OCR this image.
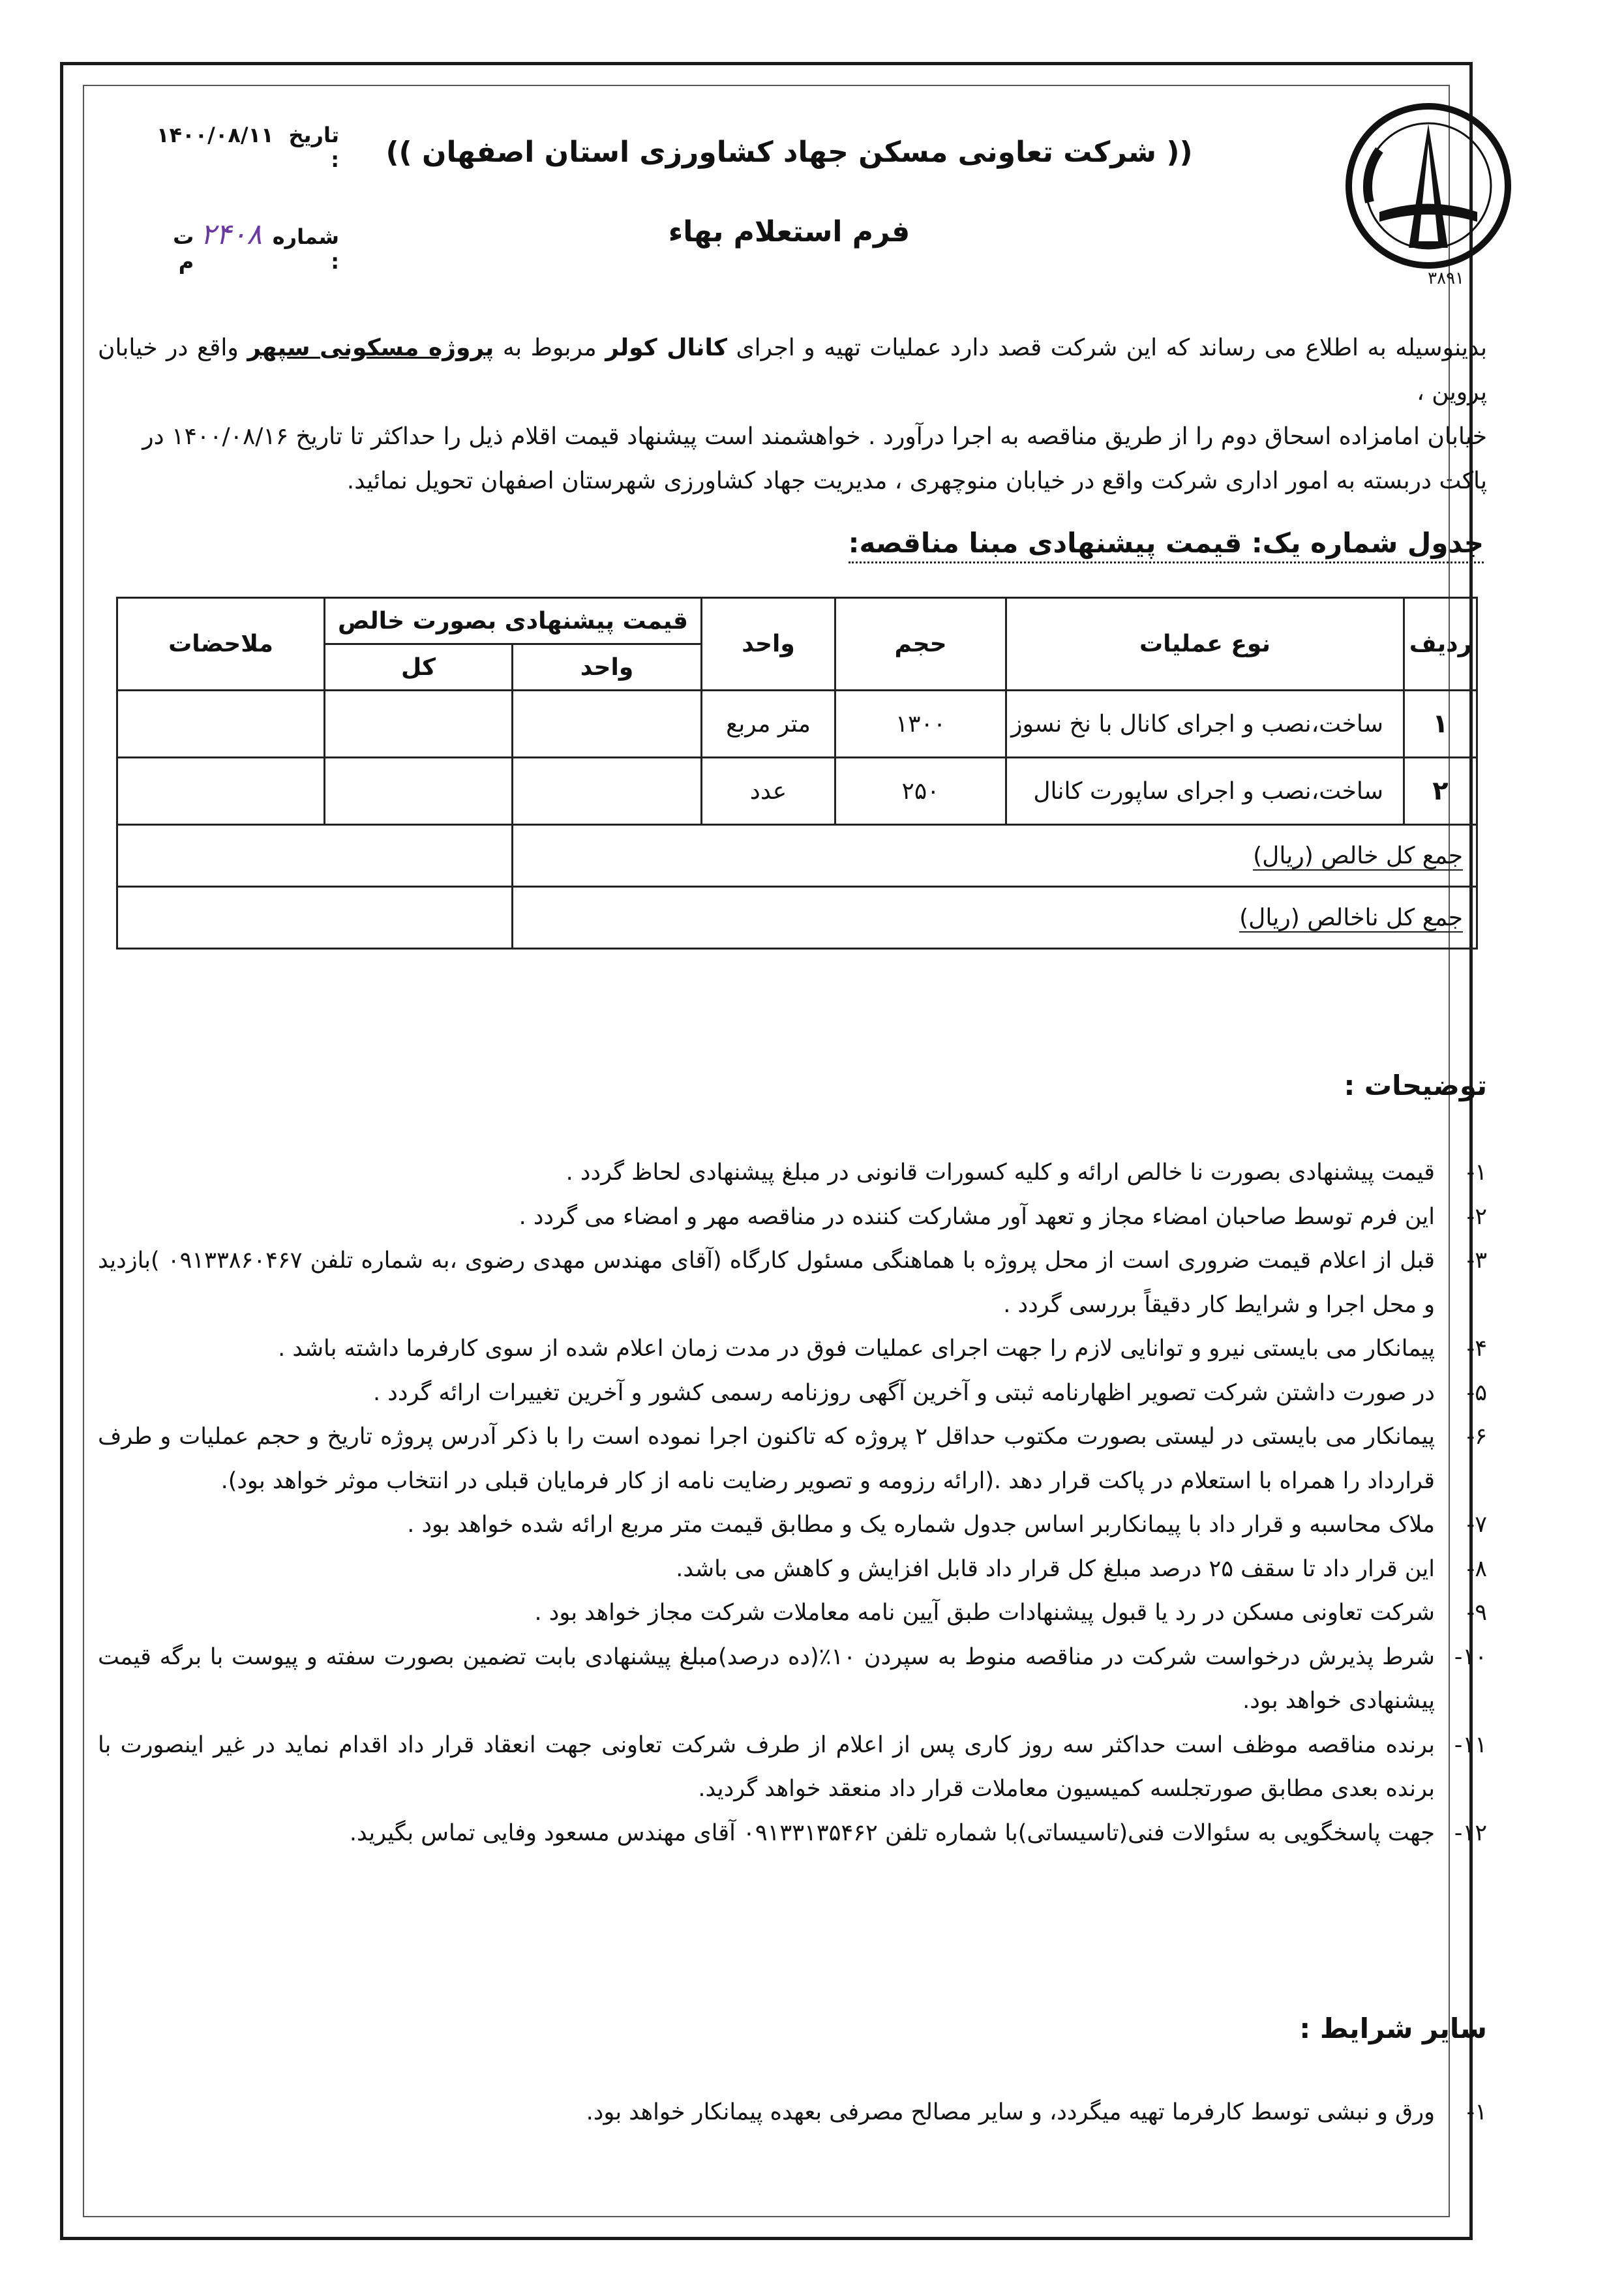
۳۸۹۱
(( شرکت تعاونی مسکن جهاد کشاورزی استان اصفهان ))
فرم استعلام بهاء
تاریخ :
۱۴۰۰/۰۸/۱۱
شماره :
۲۴۰۸
ت م
بدینوسیله به اطلاع می رساند که این شرکت قصد دارد عملیات تهیه و اجرای کانال کولر مربوط به پروژه مسکونی سپهر واقع در خیابان پروین ،
خیابان امامزاده اسحاق دوم را از طریق مناقصه به اجرا درآورد . خواهشمند است پیشنهاد قیمت اقلام ذیل را حداکثر تا تاریخ ۱۴۰۰/۰۸/۱۶ در
پاکت دربسته به امور اداری شرکت واقع در خیابان منوچهری ، مدیریت جهاد کشاورزی شهرستان اصفهان تحویل نمائید.
جدول شماره یک: قیمت پیشنهادی مبنا مناقصه:
ردیف	نوع عملیات	حجم	واحد	قیمت پیشنهادی بصورت خالص		ملاحضات
				واحد	کل	
۱	ساخت،نصب و اجرای کانال با نخ نسوز	۱۳۰۰	متر مربع			
۲	ساخت،نصب و اجرای ساپورت کانال	۲۵۰	عدد			
جمع کل خالص (ریال)						
جمع کل ناخالص (ریال)						
توضیحات :
۱-
قیمت پیشنهادی بصورت نا خالص ارائه و کلیه کسورات قانونی در مبلغ پیشنهادی لحاظ گردد .
۲-
این فرم توسط صاحبان امضاء مجاز و تعهد آور مشارکت کننده در مناقصه مهر و امضاء می گردد .
۳-
قبل از اعلام قیمت ضروری است از محل پروژه با هماهنگی مسئول کارگاه (آقای مهندس مهدی رضوی ،به شماره تلفن ۰۹۱۳۳۸۶۰۴۶۷ )بازدید و محل اجرا و شرایط کار دقیقاً بررسی گردد .
۴-
پیمانکار می بایستی نیرو و توانایی لازم را جهت اجرای عملیات فوق در مدت زمان اعلام شده از سوی کارفرما داشته باشد .
۵-
در صورت داشتن شرکت تصویر اظهارنامه ثبتی و آخرین آگهی روزنامه رسمی کشور و آخرین تغییرات ارائه گردد .
۶-
پیمانکار می بایستی در لیستی بصورت مکتوب حداقل ۲ پروژه که تاکنون اجرا نموده است را با ذکر آدرس پروژه تاریخ و حجم عملیات و طرف قرارداد را همراه با استعلام در پاکت قرار دهد .(ارائه رزومه و تصویر رضایت نامه از کار فرمایان قبلی در انتخاب موثر خواهد بود).
۷-
ملاک محاسبه و قرار داد با پیمانکاربر اساس جدول شماره یک و مطابق قیمت متر مربع ارائه شده خواهد بود .
۸-
این قرار داد تا سقف ۲۵ درصد مبلغ کل قرار داد قابل افزایش و کاهش می باشد.
۹-
شرکت تعاونی مسکن در رد یا قبول پیشنهادات طبق آیین نامه معاملات شرکت مجاز خواهد بود .
۱۰-
شرط پذیرش درخواست شرکت در مناقصه منوط به سپردن ۱۰٪(ده درصد)مبلغ پیشنهادی بابت تضمین بصورت سفته و پیوست با برگه قیمت پیشنهادی خواهد بود.
۱۱-
برنده مناقصه موظف است حداکثر سه روز کاری پس از اعلام از طرف شرکت تعاونی جهت انعقاد قرار داد اقدام نماید در غیر اینصورت با برنده بعدی مطابق صورتجلسه کمیسیون معاملات قرار داد منعقد خواهد گردید.
۱۲-
جهت پاسخگویی به سئوالات فنی(تاسیساتی)با شماره تلفن ۰۹۱۳۳۱۳۵۴۶۲ آقای مهندس مسعود وفایی تماس بگیرید.
سایر شرایط :
۱-
ورق و نبشی توسط کارفرما تهیه میگردد، و سایر مصالح مصرفی بعهده پیمانکار خواهد بود.
